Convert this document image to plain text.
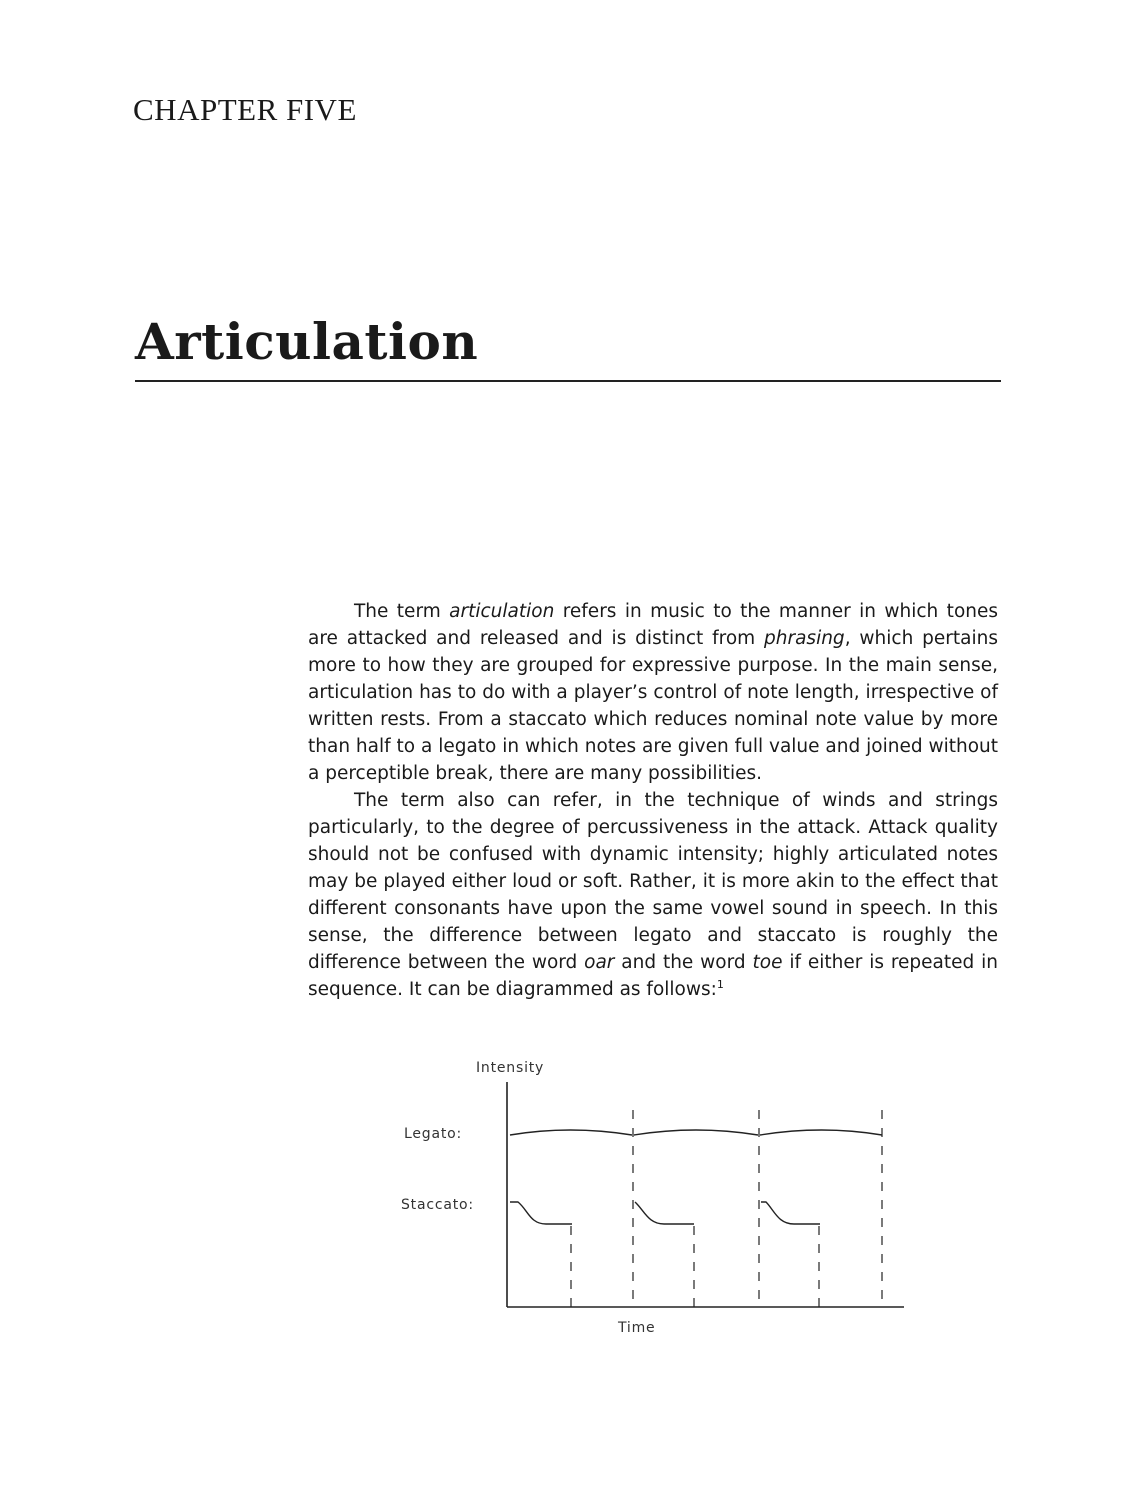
CHAPTER FIVE
Articulation

The term articulation refers in music to the manner in which tones are attacked and released and is distinct from phrasing, which pertains more to how they are grouped for expressive purpose. In the main sense, articulation has to do with a player’s control of note length, irrespective of written rests. From a staccato which reduces nominal note value by more than half to a legato in which notes are given full value and joined without a perceptible break, there are many possibilities.

The term also can refer, in the technique of winds and strings particularly, to the degree of percussiveness in the attack. Attack quality should not be confused with dynamic intensity; highly articulated notes may be played either loud or soft. Rather, it is more akin to the effect that different consonants have upon the same vowel sound in speech. In this sense, the difference between legato and staccato is roughly the difference between the word oar and the word toe if either is repeated in sequence. It can be diagrammed as follows:$^1$

Intensity
Legato:
Staccato:
Time
